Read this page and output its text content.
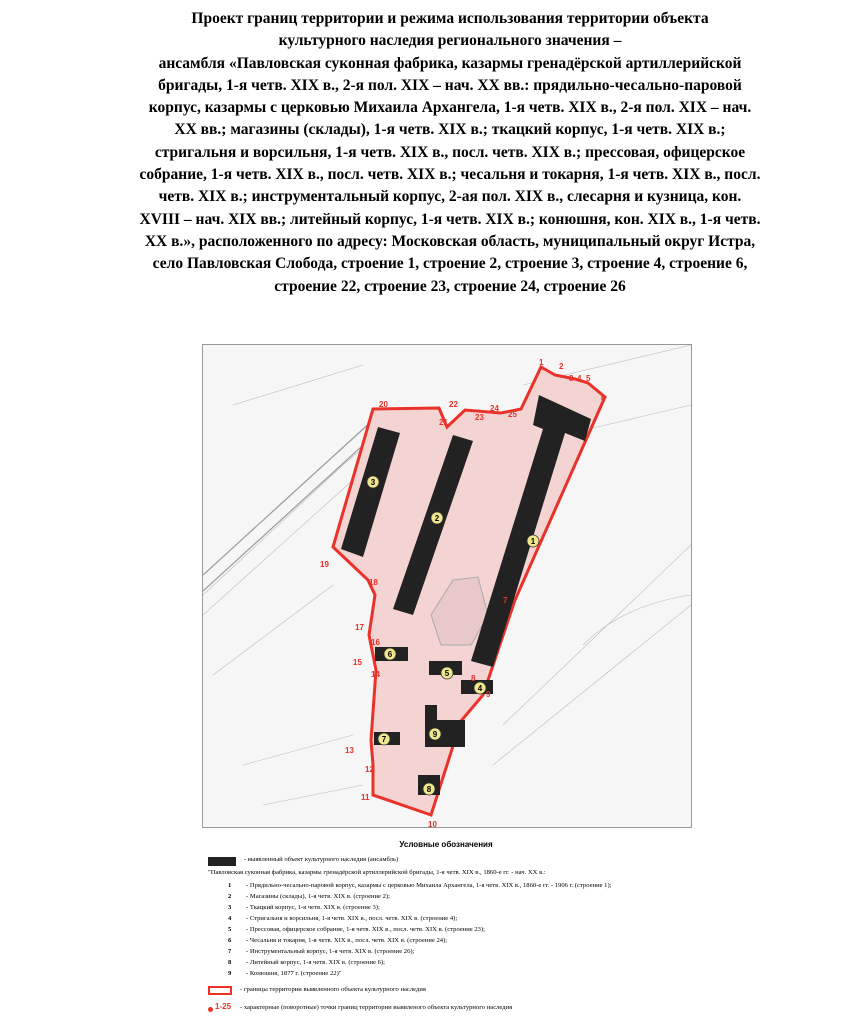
Проект границ территории и режима использования территории объекта
культурного наследия регионального значения –
ансамбля «Павловская суконная фабрика, казармы гренадёрской артиллерийской
бригады, 1-я четв. XIX в., 2-я пол. XIX – нач. XX вв.: прядильно-чесально-паровой
корпус, казармы с церковью Михаила Архангела, 1-я четв. XIX в., 2-я пол. XIX – нач.
XX вв.; магазины (склады), 1-я четв. XIX в.; ткацкий корпус, 1-я четв. XIX в.;
стригальня и ворсильня, 1-я четв. XIX в., посл. четв. XIX в.; прессовая, офицерское
собрание, 1-я четв. XIX в., посл. четв. XIX в.; чесальня и токарня, 1-я четв. XIX в., посл.
четв. XIX в.; инструментальный корпус, 2-ая пол. XIX в., слесарня и кузница, кон.
XVIII – нач. XIX вв.; литейный корпус, 1-я четв. XIX в.; конюшня, кон. XIX в., 1-я четв.
XX в.», расположенного по адресу: Московская область, муниципальный округ Истра,
село Павловская Слобода, строение 1, строение 2, строение 3, строение 4, строение 6,
строение 22, строение 23, строение 24, строение 26
1
2
3
4
5
6
7
8
9
1 2
3 4 5
6
7
8
9
10
11
12
13
14
15
16
17
18
19
20
21
22
23
24
25
Условные обозначения
- выявленный объект культурного наследия (ансамбль)
"Павловская суконная фабрика, казармы гренадёрской артиллерийской бригады, 1-я четв. XIX в., 1860-е гг. - нач. XX в.:
1 - Прядильно-чесально-паровой корпус, казармы с церковью Михаила Архангела, 1-я четв. XIX в., 1860-е гг. - 1906 г. (строение 1);
2 - Магазины (склады), 1-я четв. XIX в. (строение 2);
3 - Ткацкий корпус, 1-я четв. XIX в. (строение 3);
4 - Стригальня и ворсильня, 1-я четв. XIX в., посл. четв. XIX в. (строение 4);
5 - Прессовая, офицерское собрание, 1-я четв. XIX в., посл. четв. XIX в. (строение 23);
6 - Чесальня и токарня, 1-я четв. XIX в., посл. четв. XIX в. (строение 24);
7 - Инструментальный корпус, 1-я четв. XIX в. (строение 26);
8 - Литейный корпус, 1-я четв. XIX в. (строение 6);
9 - Конюшня, 1877 г. (строение 22)"
- границы территории выявленного объекта культурного наследия
1-25 - характерные (поворотные) точки границ территории выявленого объекта культурного наследия
